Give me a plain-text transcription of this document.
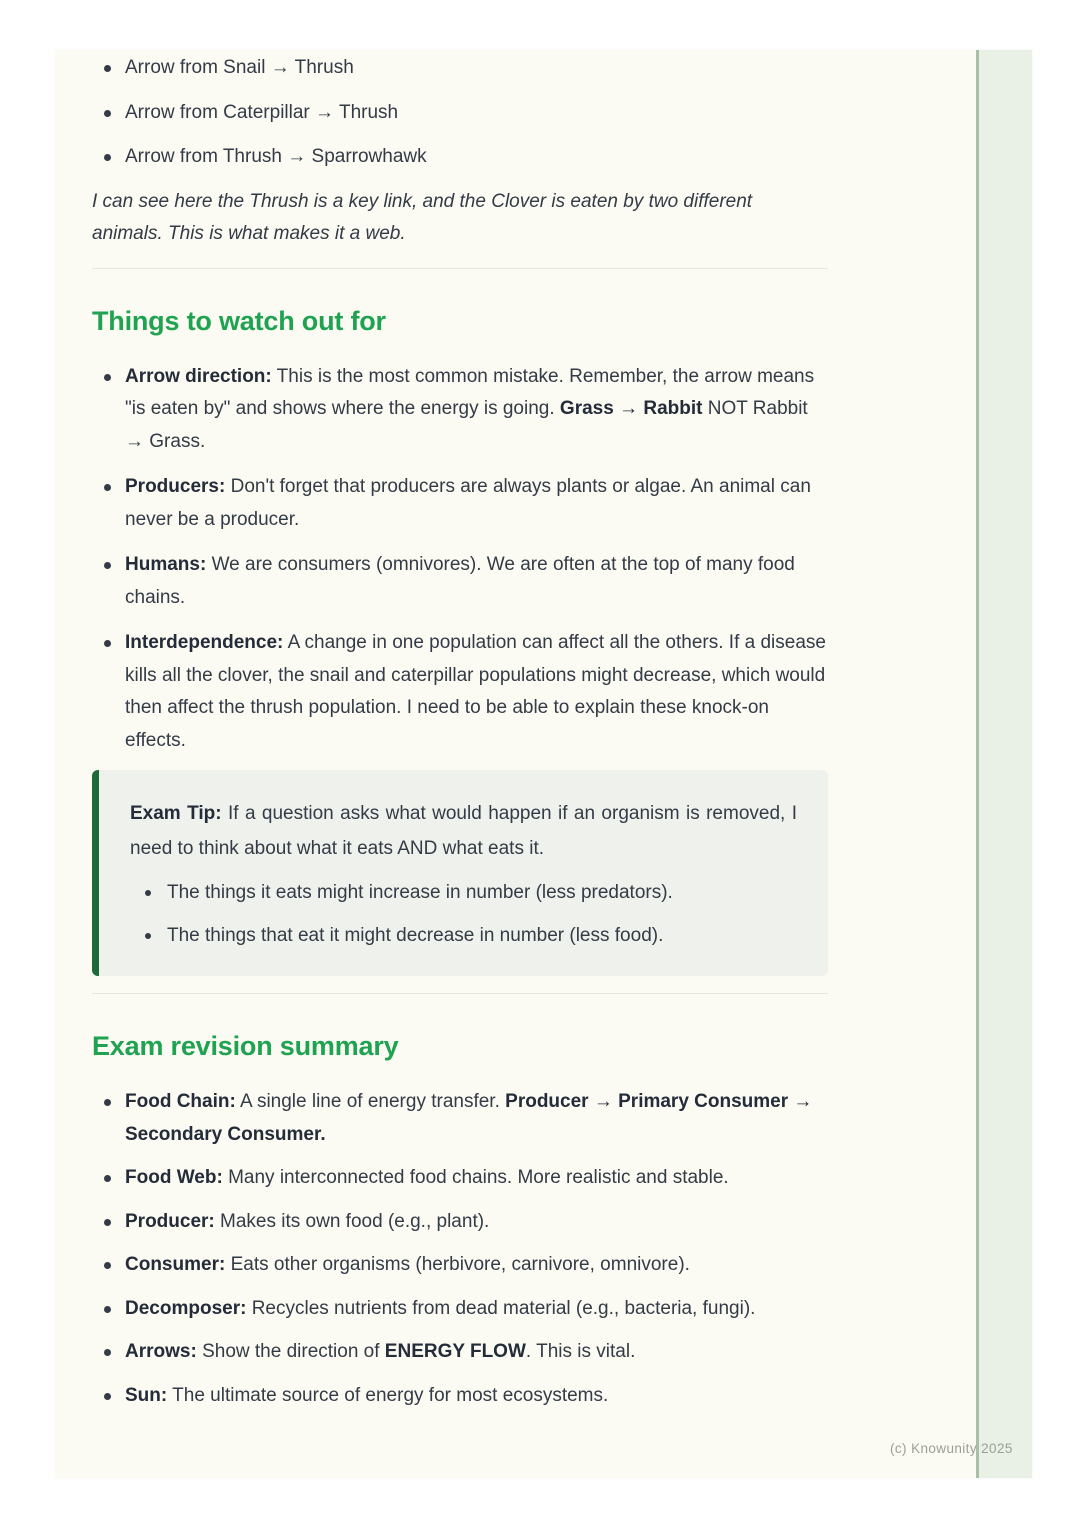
Arrow from Snail → Thrush
Arrow from Caterpillar → Thrush
Arrow from Thrush → Sparrowhawk

I can see here the Thrush is a key link, and the Clover is eaten by two different animals. This is what makes it a web.

Things to watch out for
Arrow direction: This is the most common mistake. Remember, the arrow means "is eaten by" and shows where the energy is going. Grass → Rabbit NOT Rabbit → Grass.
Producers: Don't forget that producers are always plants or algae. An animal can never be a producer.
Humans: We are consumers (omnivores). We are often at the top of many food chains.
Interdependence: A change in one population can affect all the others. If a disease kills all the clover, the snail and caterpillar populations might decrease, which would then affect the thrush population. I need to be able to explain these knock-on effects.

Exam Tip: If a question asks what would happen if an organism is removed, I need to think about what it eats AND what eats it.

The things it eats might increase in number (less predators).
The things that eat it might decrease in number (less food).
Exam revision summary
Food Chain: A single line of energy transfer. Producer → Primary Consumer → Secondary Consumer.
Food Web: Many interconnected food chains. More realistic and stable.
Producer: Makes its own food (e.g., plant).
Consumer: Eats other organisms (herbivore, carnivore, omnivore).
Decomposer: Recycles nutrients from dead material (e.g., bacteria, fungi).
Arrows: Show the direction of ENERGY FLOW. This is vital.
Sun: The ultimate source of energy for most ecosystems.
(c) Knowunity 2025
